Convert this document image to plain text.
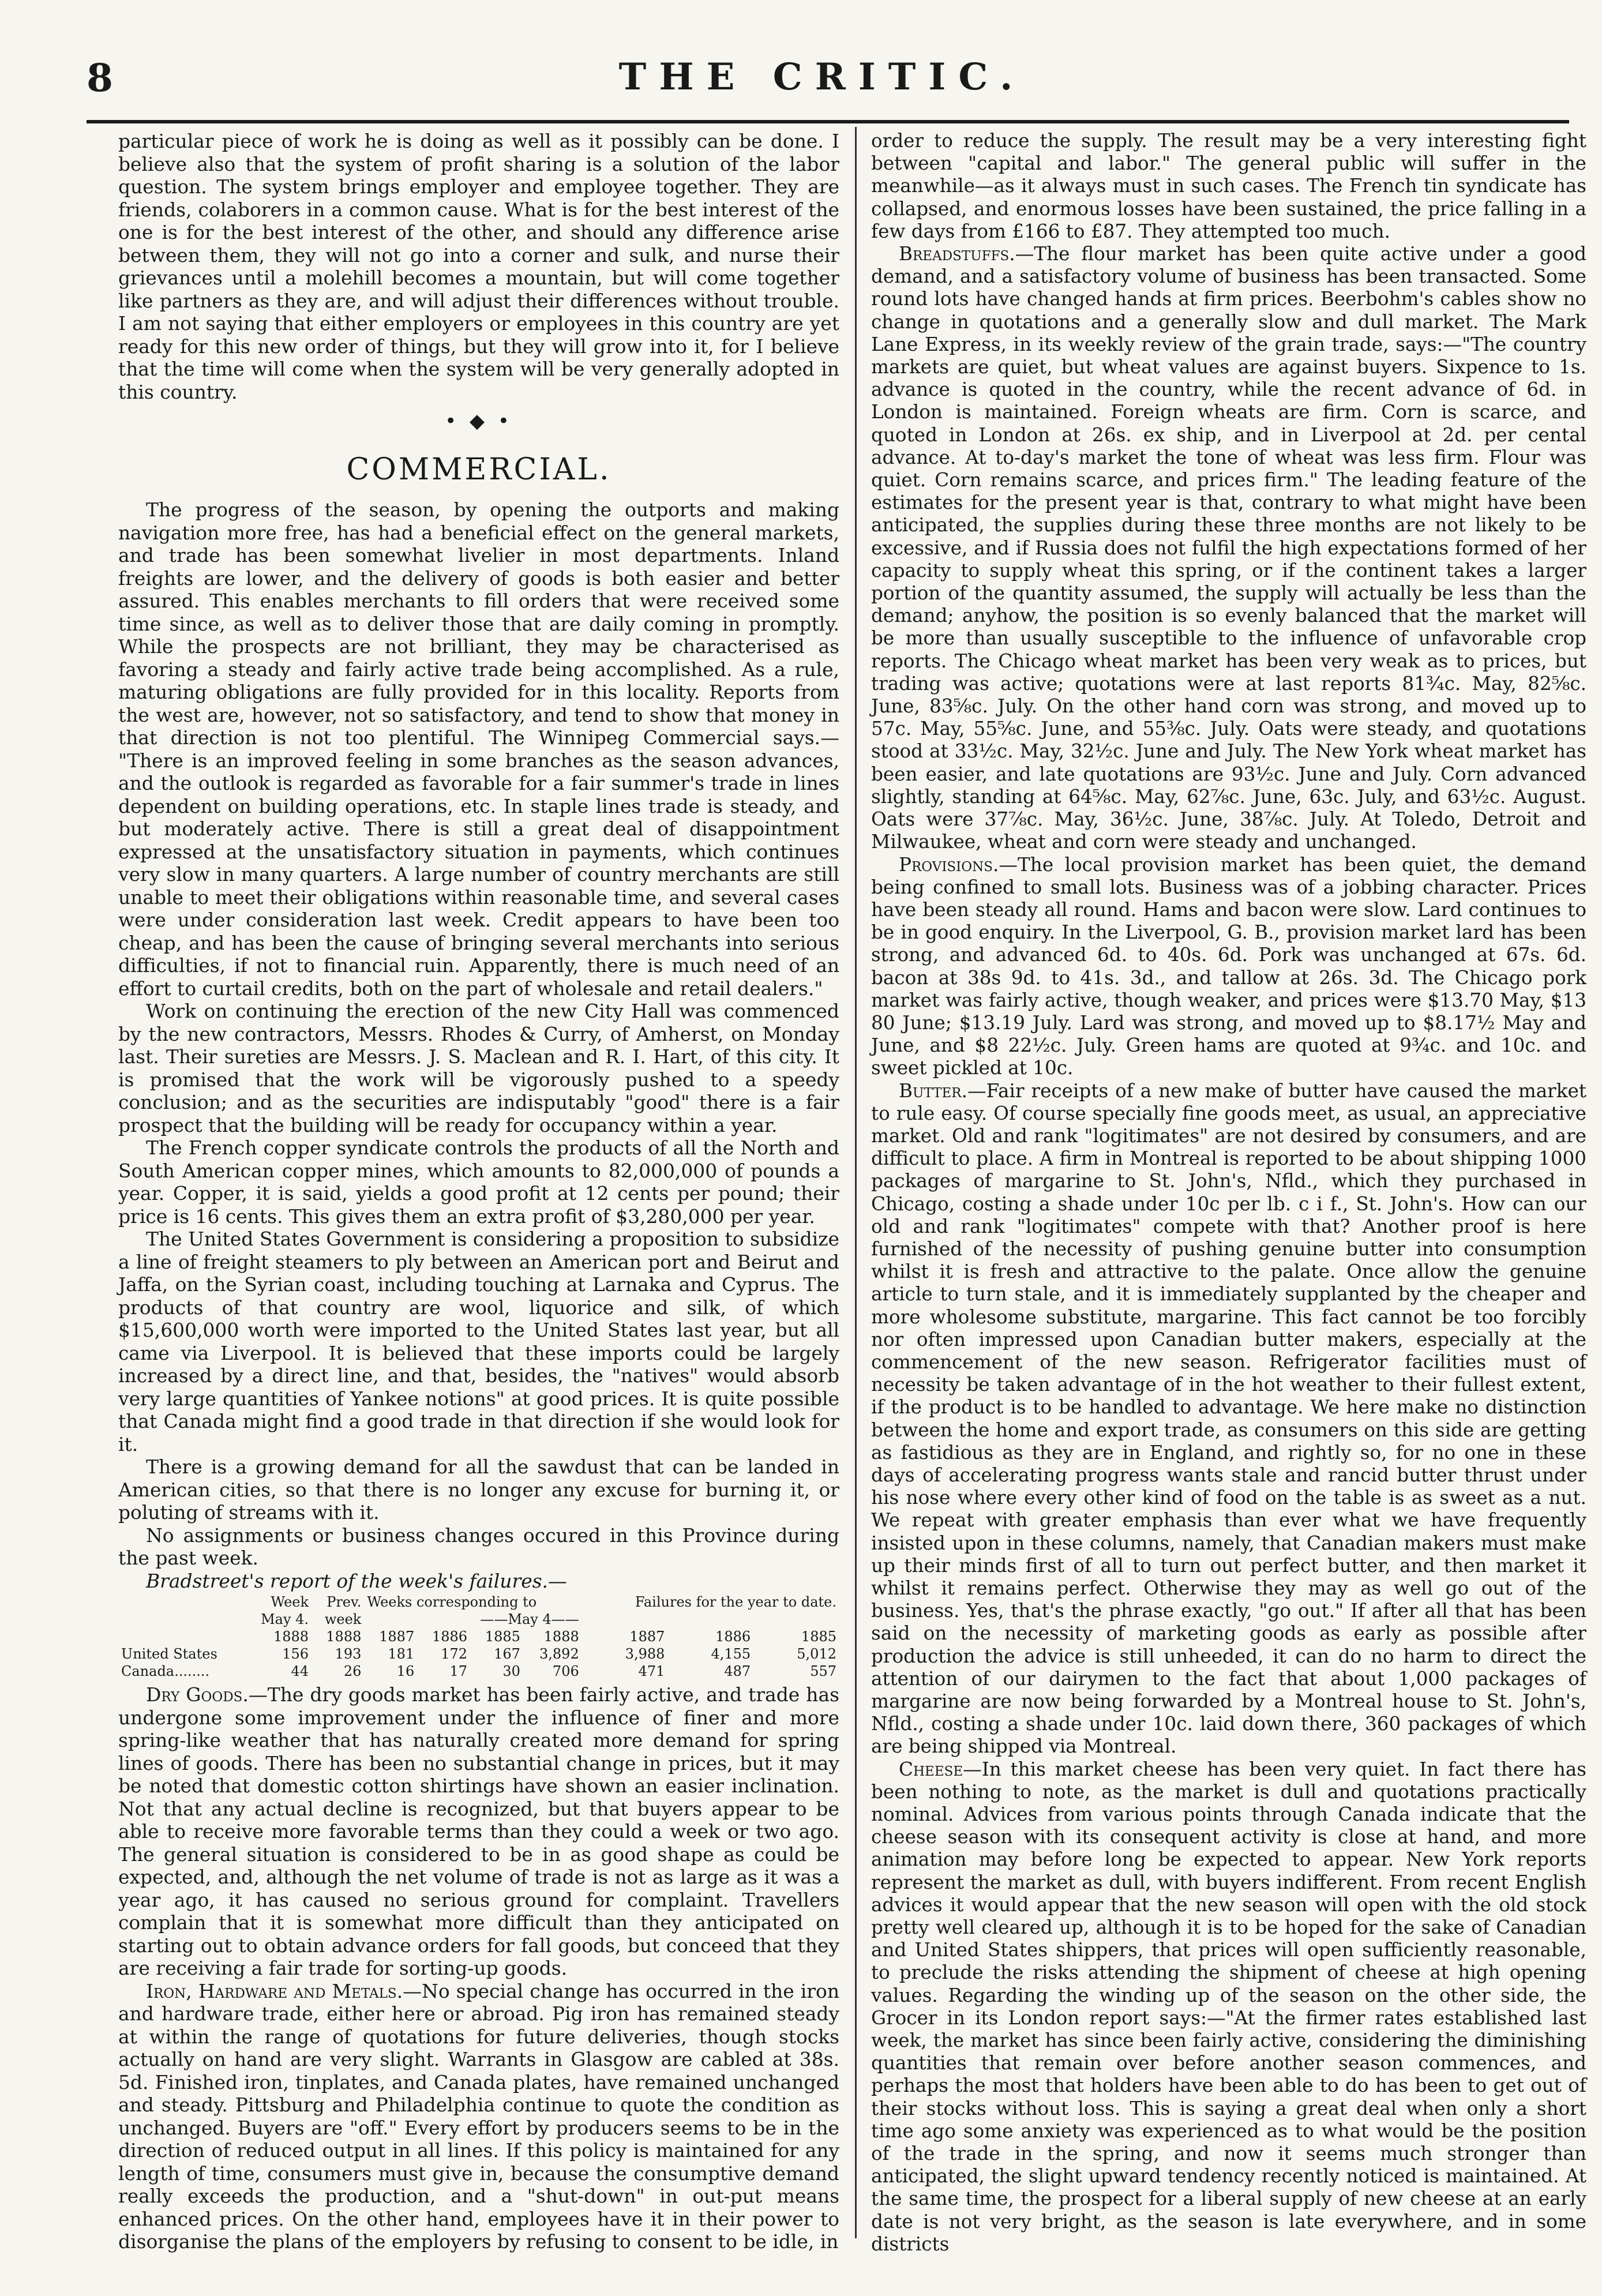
8	THE CRITIC.

particular piece of work he is doing as well as it possibly can be done. I believe also that the system of profit sharing is a solution of the labor question. The system brings employer and employee together. They are friends, colaborers in a common cause. What is for the best interest of the one is for the best interest of the other, and should any difference arise between them, they will not go into a corner and sulk, and nurse their grievances until a molehill becomes a mountain, but will come together like partners as they are, and will adjust their differences without trouble. I am not saying that either employers or employees in this country are yet ready for this new order of things, but they will grow into it, for I believe that the time will come when the system will be very generally adopted in this country.

• ◆ •
COMMERCIAL.

The progress of the season, by opening the outports and making navigation more free, has had a beneficial effect on the general markets, and trade has been somewhat livelier in most departments. Inland freights are lower, and the delivery of goods is both easier and better assured. This enables merchants to fill orders that were received some time since, as well as to deliver those that are daily coming in promptly. While the prospects are not brilliant, they may be characterised as favoring a steady and fairly active trade being accomplished. As a rule, maturing obligations are fully provided for in this locality. Reports from the west are, however, not so satisfactory, and tend to show that money in that direction is not too plentiful. The Winnipeg Commercial says.— "There is an improved feeling in some branches as the season advances, and the outlook is regarded as favorable for a fair summer's trade in lines dependent on building operations, etc. In staple lines trade is steady, and but moderately active. There is still a great deal of disappointment expressed at the unsatisfactory situation in payments, which continues very slow in many quarters. A large number of country merchants are still unable to meet their obligations within reasonable time, and several cases were under consideration last week. Credit appears to have been too cheap, and has been the cause of bringing several merchants into serious difficulties, if not to financial ruin. Apparently, there is much need of an effort to curtail credits, both on the part of wholesale and retail dealers."

Work on continuing the erection of the new City Hall was commenced by the new contractors, Messrs. Rhodes & Curry, of Amherst, on Monday last. Their sureties are Messrs. J. S. Maclean and R. I. Hart, of this city. It is promised that the work will be vigorously pushed to a speedy conclusion; and as the securities are indisputably "good" there is a fair prospect that the building will be ready for occupancy within a year.

The French copper syndicate controls the products of all the North and South American copper mines, which amounts to 82,000,000 of pounds a year. Copper, it is said, yields a good profit at 12 cents per pound; their price is 16 cents. This gives them an extra profit of $3,280,000 per year.

The United States Government is considering a proposition to subsidize a line of freight steamers to ply between an American port and Beirut and Jaffa, on the Syrian coast, including touching at Larnaka and Cyprus. The products of that country are wool, liquorice and silk, of which $15,600,000 worth were imported to the United States last year, but all came via Liverpool. It is believed that these imports could be largely increased by a direct line, and that, besides, the "natives" would absorb very large quantities of Yankee notions" at good prices. It is quite possible that Canada might find a good trade in that direction if she would look for it.

There is a growing demand for all the sawdust that can be landed in American cities, so that there is no longer any excuse for burning it, or poluting of streams with it.

No assignments or business changes occured in this Province during the past week.

Bradstreet's report of the week's failures.—

	Week	Prev.	Weeks corresponding to				Failures for the year to date.		
	May 4.	week	——May 4——						
	1888	1888	1887	1886	1885	1888	1887	1886	1885
United States	156	193	181	172	167	3,892	3,988	4,155	5,012
Canada........	44	26	16	17	30	706	471	487	557

Dry Goods.—The dry goods market has been fairly active, and trade has undergone some improvement under the influence of finer and more spring-like weather that has naturally created more demand for spring lines of goods. There has been no substantial change in prices, but it may be noted that domestic cotton shirtings have shown an easier inclination. Not that any actual decline is recognized, but that buyers appear to be able to receive more favorable terms than they could a week or two ago. The general situation is considered to be in as good shape as could be expected, and, although the net volume of trade is not as large as it was a year ago, it has caused no serious ground for complaint. Travellers complain that it is somewhat more difficult than they anticipated on starting out to obtain advance orders for fall goods, but conceed that they are receiving a fair trade for sorting-up goods.

Iron, Hardware and Metals.—No special change has occurred in the iron and hardware trade, either here or abroad. Pig iron has remained steady at within the range of quotations for future deliveries, though stocks actually on hand are very slight. Warrants in Glasgow are cabled at 38s. 5d. Finished iron, tinplates, and Canada plates, have remained unchanged and steady. Pittsburg and Philadelphia continue to quote the condition as unchanged. Buyers are "off." Every effort by producers seems to be in the direction of reduced output in all lines. If this policy is maintained for any length of time, consumers must give in, because the consumptive demand really exceeds the production, and a "shut-down" in out-put means enhanced prices. On the other hand, employees have it in their power to disorganise the plans of the employers by refusing to consent to be idle, in

order to reduce the supply. The result may be a very interesting fight between "capital and labor." The general public will suffer in the meanwhile—as it always must in such cases. The French tin syndicate has collapsed, and enormous losses have been sustained, the price falling in a few days from £166 to £87. They attempted too much.

Breadstuffs.—The flour market has been quite active under a good demand, and a satisfactory volume of business has been transacted. Some round lots have changed hands at firm prices. Beerbohm's cables show no change in quotations and a generally slow and dull market. The Mark Lane Express, in its weekly review of the grain trade, says:—"The country markets are quiet, but wheat values are against buyers. Sixpence to 1s. advance is quoted in the country, while the recent advance of 6d. in London is maintained. Foreign wheats are firm. Corn is scarce, and quoted in London at 26s. ex ship, and in Liverpool at 2d. per cental advance. At to-day's market the tone of wheat was less firm. Flour was quiet. Corn remains scarce, and prices firm." The leading feature of the estimates for the present year is that, contrary to what might have been anticipated, the supplies during these three months are not likely to be excessive, and if Russia does not fulfil the high expectations formed of her capacity to supply wheat this spring, or if the continent takes a larger portion of the quantity assumed, the supply will actually be less than the demand; anyhow, the position is so evenly balanced that the market will be more than usually susceptible to the influence of unfavorable crop reports. The Chicago wheat market has been very weak as to prices, but trading was active; quotations were at last reports 81¾c. May, 82⅝c. June, 83⅝c. July. On the other hand corn was strong, and moved up to 57c. May, 55⅝c. June, and 55⅜c. July. Oats were steady, and quotations stood at 33½c. May, 32½c. June and July. The New York wheat market has been easier, and late quotations are 93½c. June and July. Corn advanced slightly, standing at 64⅝c. May, 62⅞c. June, 63c. July, and 63½c. August. Oats were 37⅞c. May, 36½c. June, 38⅞c. July. At Toledo, Detroit and Milwaukee, wheat and corn were steady and unchanged.

Provisions.—The local provision market has been quiet, the demand being confined to small lots. Business was of a jobbing character. Prices have been steady all round. Hams and bacon were slow. Lard continues to be in good enquiry. In the Liverpool, G. B., provision market lard has been strong, and advanced 6d. to 40s. 6d. Pork was unchanged at 67s. 6d. bacon at 38s 9d. to 41s. 3d., and tallow at 26s. 3d. The Chicago pork market was fairly active, though weaker, and prices were $13.70 May, $13 80 June; $13.19 July. Lard was strong, and moved up to $8.17½ May and June, and $8 22½c. July. Green hams are quoted at 9¾c. and 10c. and sweet pickled at 10c.

Butter.—Fair receipts of a new make of butter have caused the market to rule easy. Of course specially fine goods meet, as usual, an appreciative market. Old and rank "logitimates" are not desired by consumers, and are difficult to place. A firm in Montreal is reported to be about shipping 1000 packages of margarine to St. John's, Nfld., which they purchased in Chicago, costing a shade under 10c per lb. c i f., St. John's. How can our old and rank "logitimates" compete with that? Another proof is here furnished of the necessity of pushing genuine butter into consumption whilst it is fresh and attractive to the palate. Once allow the genuine article to turn stale, and it is immediately supplanted by the cheaper and more wholesome substitute, margarine. This fact cannot be too forcibly nor often impressed upon Canadian butter makers, especially at the commencement of the new season. Refrigerator facilities must of necessity be taken advantage of in the hot weather to their fullest extent, if the product is to be handled to advantage. We here make no distinction between the home and export trade, as consumers on this side are getting as fastidious as they are in England, and rightly so, for no one in these days of accelerating progress wants stale and rancid butter thrust under his nose where every other kind of food on the table is as sweet as a nut. We repeat with greater emphasis than ever what we have frequently insisted upon in these columns, namely, that Canadian makers must make up their minds first of all to turn out perfect butter, and then market it whilst it remains perfect. Otherwise they may as well go out of the business. Yes, that's the phrase exactly, "go out." If after all that has been said on the necessity of marketing goods as early as possible after production the advice is still unheeded, it can do no harm to direct the attention of our dairymen to the fact that about 1,000 packages of margarine are now being forwarded by a Montreal house to St. John's, Nfld., costing a shade under 10c. laid down there, 360 packages of which are being shipped via Montreal.

Cheese—In this market cheese has been very quiet. In fact there has been nothing to note, as the market is dull and quotations practically nominal. Advices from various points through Canada indicate that the cheese season with its consequent activity is close at hand, and more animation may before long be expected to appear. New York reports represent the market as dull, with buyers indifferent. From recent English advices it would appear that the new season will open with the old stock pretty well cleared up, although it is to be hoped for the sake of Canadian and United States shippers, that prices will open sufficiently reasonable, to preclude the risks attending the shipment of cheese at high opening values. Regarding the winding up of the season on the other side, the Grocer in its London report says:—"At the firmer rates established last week, the market has since been fairly active, considering the diminishing quantities that remain over before another season commences, and perhaps the most that holders have been able to do has been to get out of their stocks without loss. This is saying a great deal when only a short time ago some anxiety was experienced as to what would be the position of the trade in the spring, and now it seems much stronger than anticipated, the slight upward tendency recently noticed is maintained. At the same time, the prospect for a liberal supply of new cheese at an early date is not very bright, as the season is late everywhere, and in some districts
